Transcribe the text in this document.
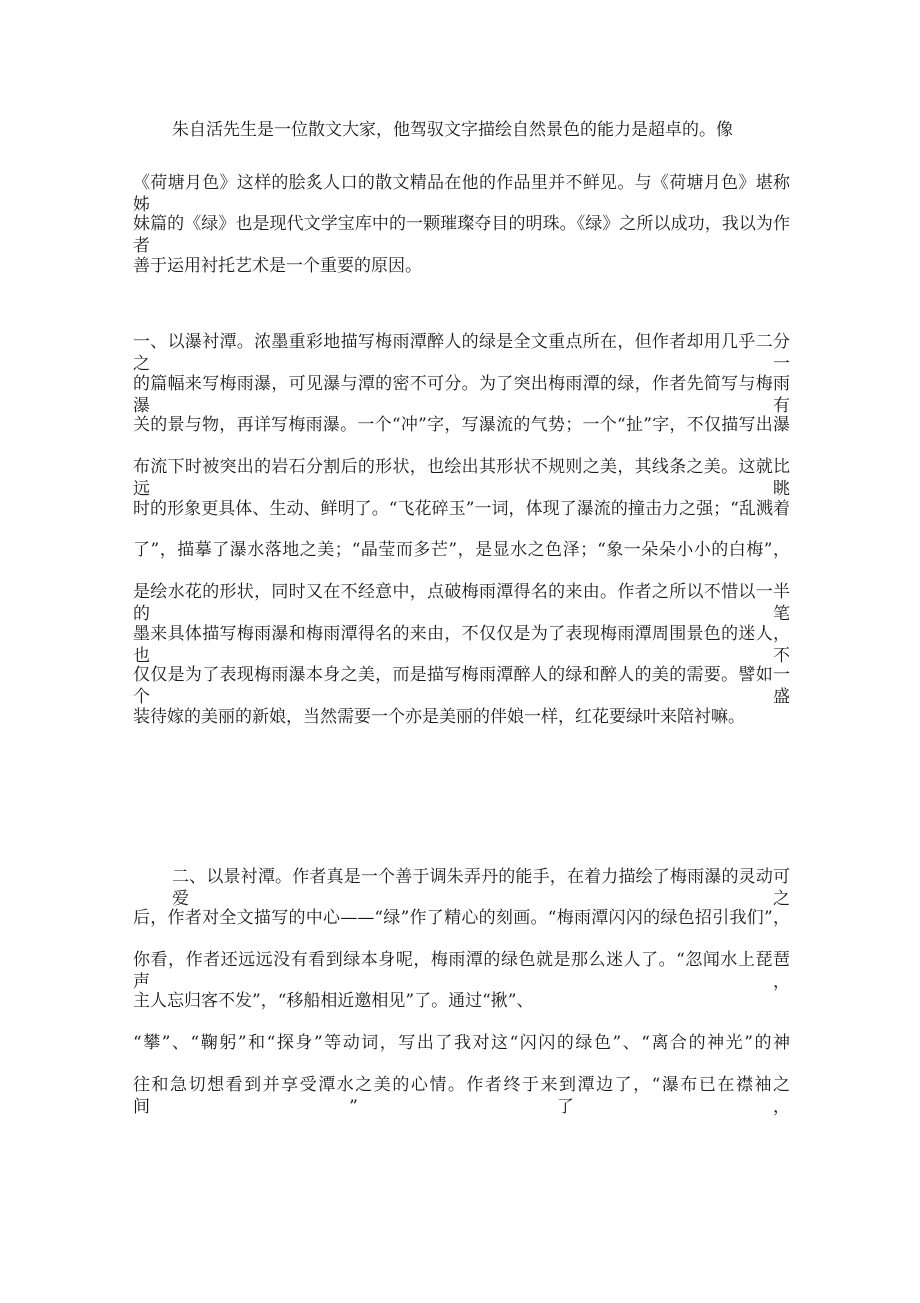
朱自活先生是一位散文大家，他驾驭文字描绘自然景色的能力是超卓的。像
《荷塘月色》这样的脍炙人口的散文精品在他的作品里并不鲜见。与《荷塘月色》堪称姊
妹篇的《绿》也是现代文学宝库中的一颗璀璨夺目的明珠。《绿》之所以成功，我以为作者
善于运用衬托艺术是一个重要的原因。
一、以瀑衬潭。浓墨重彩地描写梅雨潭醉人的绿是全文重点所在，但作者却用几乎二分之一
的篇幅来写梅雨瀑，可见瀑与潭的密不可分。为了突出梅雨潭的绿，作者先简写与梅雨瀑有
关的景与物，再详写梅雨瀑。一个“冲”字，写瀑流的气势；一个“扯”字，不仅描写出瀑
布流下时被突出的岩石分割后的形状，也绘出其形状不规则之美，其线条之美。这就比远眺
时的形象更具体、生动、鲜明了。“飞花碎玉”一词，体现了瀑流的撞击力之强；“乱溅着
了”，描摹了瀑水落地之美；“晶莹而多芒”，是显水之色泽；“象一朵朵小小的白梅”，
是绘水花的形状，同时又在不经意中，点破梅雨潭得名的来由。作者之所以不惜以一半的笔
墨来具体描写梅雨瀑和梅雨潭得名的来由，不仅仅是为了表现梅雨潭周围景色的迷人，也不
仅仅是为了表现梅雨瀑本身之美，而是描写梅雨潭醉人的绿和醉人的美的需要。譬如一个盛
装待嫁的美丽的新娘，当然需要一个亦是美丽的伴娘一样，红花要绿叶来陪衬嘛。
二、以景衬潭。作者真是一个善于调朱弄丹的能手，在着力描绘了梅雨瀑的灵动可爱之
后，作者对全文描写的中心——“绿”作了精心的刻画。“梅雨潭闪闪的绿色招引我们”，
你看，作者还远远没有看到绿本身呢，梅雨潭的绿色就是那么迷人了。“忽闻水上琵琶声，
主人忘归客不发”，“移船相近邀相见”了。通过“揪”、
“攀”、“鞠躬”和“探身”等动词，写出了我对这“闪闪的绿色”、“离合的神光”的神
往和急切想看到并享受潭水之美的心情。作者终于来到潭边了，“瀑布已在襟袖之间”了，
